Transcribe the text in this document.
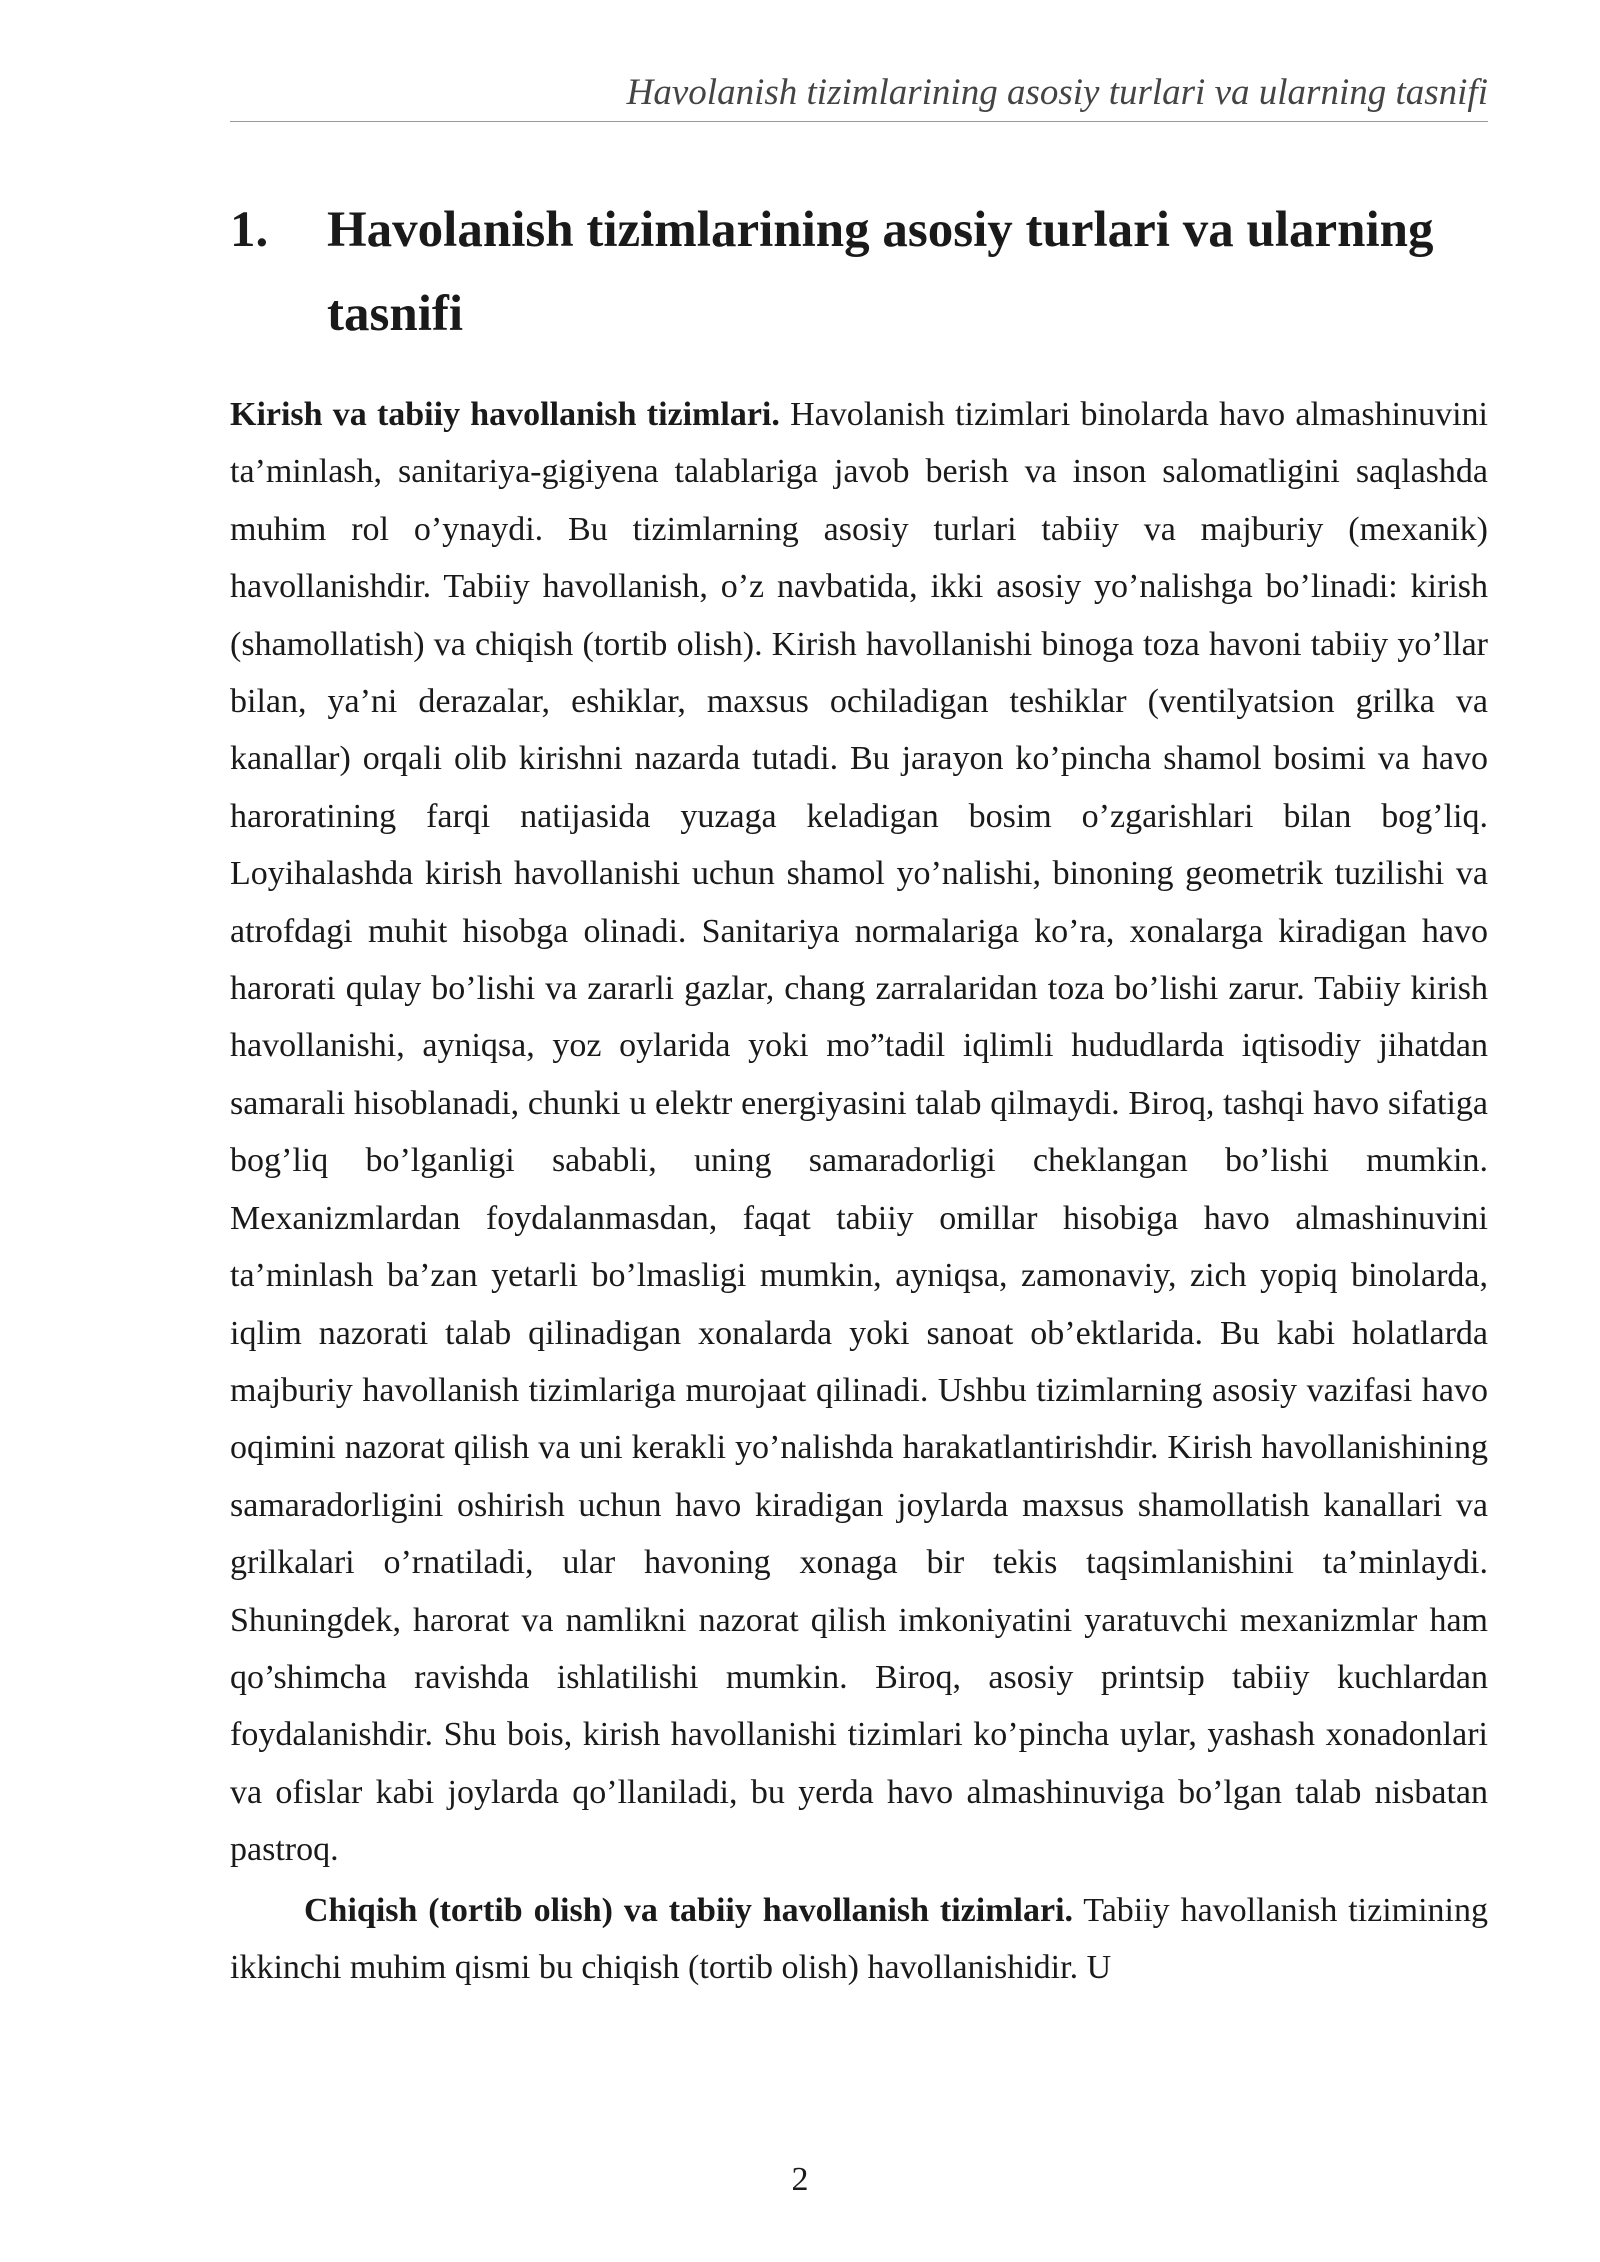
Havolanish tizimlarining asosiy turlari va ularning tasnifi
1.	Havolanish tizimlarining asosiy turlari va ularning tasnifi

Kirish va tabiiy havollanish tizimlari. Havolanish tizimlari binolarda havo almashinuvini ta’minlash, sanitariya-gigiyena talablariga javob berish va inson salomatligini saqlashda muhim rol o’ynaydi. Bu tizimlarning asosiy turlari tabiiy va majburiy (mexanik) havollanishdir. Tabiiy havollanish, o’z navbatida, ikki asosiy yo’nalishga bo’linadi: kirish (shamollatish) va chiqish (tortib olish). Kirish havollanishi binoga toza havoni tabiiy yo’llar bilan, ya’ni derazalar, eshiklar, maxsus ochiladigan teshiklar (ventilyatsion grilka va kanallar) orqali olib kirishni nazarda tutadi. Bu jarayon ko’pincha shamol bosimi va havo haroratining farqi natijasida yuzaga keladigan bosim o’zgarishlari bilan bog’liq. Loyihalashda kirish havollanishi uchun shamol yo’nalishi, binoning geometrik tuzilishi va atrofdagi muhit hisobga olinadi. Sanitariya normalariga ko’ra, xonalarga kiradigan havo harorati qulay bo’lishi va zararli gazlar, chang zarralaridan toza bo’lishi zarur. Tabiiy kirish havollanishi, ayniqsa, yoz oylarida yoki mo”tadil iqlimli hududlarda iqtisodiy jihatdan samarali hisoblanadi, chunki u elektr energiyasini talab qilmaydi. Biroq, tashqi havo sifatiga bog’liq bo’lganligi sababli, uning samaradorligi cheklangan bo’lishi mumkin. Mexanizmlardan foydalanmasdan, faqat tabiiy omillar hisobiga havo almashinuvini ta’minlash ba’zan yetarli bo’lmasligi mumkin, ayniqsa, zamonaviy, zich yopiq binolarda, iqlim nazorati talab qilinadigan xonalarda yoki sanoat ob’ektlarida. Bu kabi holatlarda majburiy havollanish tizimlariga murojaat qilinadi. Ushbu tizimlarning asosiy vazifasi havo oqimini nazorat qilish va uni kerakli yo’nalishda harakatlantirishdir. Kirish havollanishining samaradorligini oshirish uchun havo kiradigan joylarda maxsus shamollatish kanallari va grilkalari o’rnatiladi, ular havoning xonaga bir tekis taqsimlanishini ta’minlaydi. Shuningdek, harorat va namlikni nazorat qilish imkoniyatini yaratuvchi mexanizmlar ham qo’shimcha ravishda ishlatilishi mumkin. Biroq, asosiy printsip tabiiy kuchlardan foydalanishdir. Shu bois, kirish havollanishi tizimlari ko’pincha uylar, yashash xonadonlari va ofislar kabi joylarda qo’llaniladi, bu yerda havo almashinuviga bo’lgan talab nisbatan pastroq.

Chiqish (tortib olish) va tabiiy havollanish tizimlari. Tabiiy havollanish tizimining ikkinchi muhim qismi bu chiqish (tortib olish) havollanishidir. U

2
